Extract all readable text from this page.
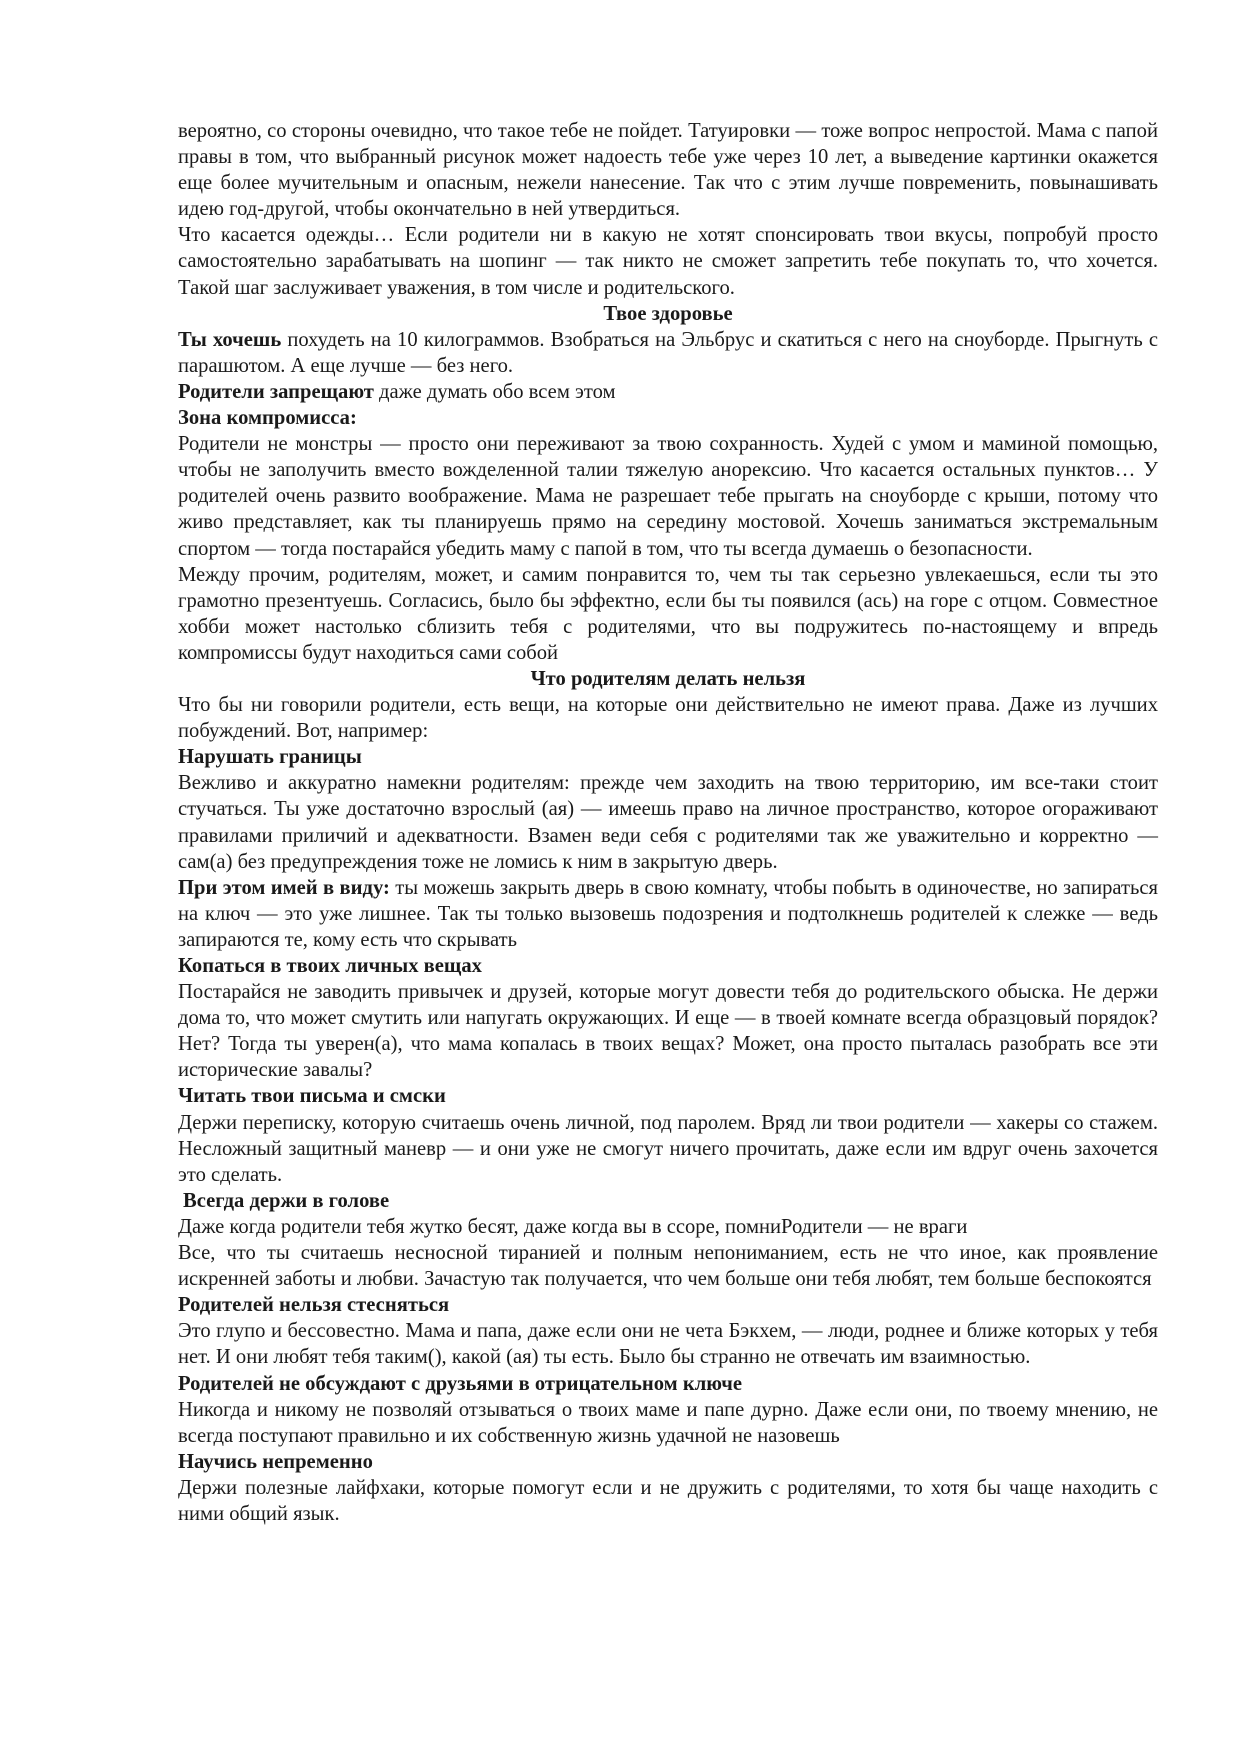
вероятно, со стороны очевидно, что такое тебе не пойдет. Татуировки — тоже вопрос непростой. Мама с папой правы в том, что выбранный рисунок может надоесть тебе уже через 10 лет, а выведение картинки окажется еще более мучительным и опасным, нежели нанесение. Так что с этим лучше повременить, повынашивать идею год-другой, чтобы окончательно в ней утвердиться.

Что касается одежды… Если родители ни в какую не хотят спонсировать твои вкусы, попробуй просто самостоятельно зарабатывать на шопинг — так никто не сможет запретить тебе покупать то, что хочется. Такой шаг заслуживает уважения, в том числе и родительского.

Твое здоровье

Ты хочешь похудеть на 10 килограммов. Взобраться на Эльбрус и скатиться с него на сноуборде. Прыгнуть с парашютом. А еще лучше — без него.

Родители запрещают даже думать обо всем этом

Зона компромисса:

Родители не монстры — просто они переживают за твою сохранность. Худей с умом и маминой помощью, чтобы не заполучить вместо вожделенной талии тяжелую анорексию. Что касается остальных пунктов… У родителей очень развито воображение. Мама не разрешает тебе прыгать на сноуборде с крыши, потому что живо представляет, как ты планируешь прямо на середину мостовой. Хочешь заниматься экстремальным спортом — тогда постарайся убедить маму с папой в том, что ты всегда думаешь о безопасности.

Между прочим, родителям, может, и самим понравится то, чем ты так серьезно увлекаешься, если ты это грамотно презентуешь. Согласись, было бы эффектно, если бы ты появился (ась) на горе с отцом. Совместное хобби может настолько сблизить тебя с родителями, что вы подружитесь по-настоящему и впредь компромиссы будут находиться сами собой

Что родителям делать нельзя

Что бы ни говорили родители, есть вещи, на которые они действительно не имеют права. Даже из лучших побуждений. Вот, например:

Нарушать границы

Вежливо и аккуратно намекни родителям: прежде чем заходить на твою территорию, им все-таки стоит стучаться. Ты уже достаточно взрослый (ая) — имеешь право на личное пространство, которое огораживают правилами приличий и адекватности. Взамен веди себя с родителями так же уважительно и корректно — сам(а) без предупреждения тоже не ломись к ним в закрытую дверь.

При этом имей в виду: ты можешь закрыть дверь в свою комнату, чтобы побыть в одиночестве, но запираться на ключ — это уже лишнее. Так ты только вызовешь подозрения и подтолкнешь родителей к слежке — ведь запираются те, кому есть что скрывать

Копаться в твоих личных вещах

Постарайся не заводить привычек и друзей, которые могут довести тебя до родительского обыска. Не держи дома то, что может смутить или напугать окружающих. И еще — в твоей комнате всегда образцовый порядок? Нет? Тогда ты уверен(а), что мама копалась в твоих вещах? Может, она просто пыталась разобрать все эти исторические завалы?

Читать твои письма и смски

Держи переписку, которую считаешь очень личной, под паролем. Вряд ли твои родители — хакеры со стажем. Несложный защитный маневр — и они уже не смогут ничего прочитать, даже если им вдруг очень захочется это сделать.

Всегда держи в голове

Даже когда родители тебя жутко бесят, даже когда вы в ссоре, помниРодители — не враги

Все, что ты считаешь несносной тиранией и полным непониманием, есть не что иное, как проявление искренней заботы и любви. Зачастую так получается, что чем больше они тебя любят, тем больше беспокоятся

Родителей нельзя стесняться

Это глупо и бессовестно. Мама и папа, даже если они не чета Бэкхем, — люди, роднее и ближе которых у тебя нет. И они любят тебя таким(), какой (ая) ты есть. Было бы странно не отвечать им взаимностью.

Родителей не обсуждают с друзьями в отрицательном ключе

Никогда и никому не позволяй отзываться о твоих маме и папе дурно. Даже если они, по твоему мнению, не всегда поступают правильно и их собственную жизнь удачной не назовешь

Научись непременно

Держи полезные лайфхаки, которые помогут если и не дружить с родителями, то хотя бы чаще находить с ними общий язык.
